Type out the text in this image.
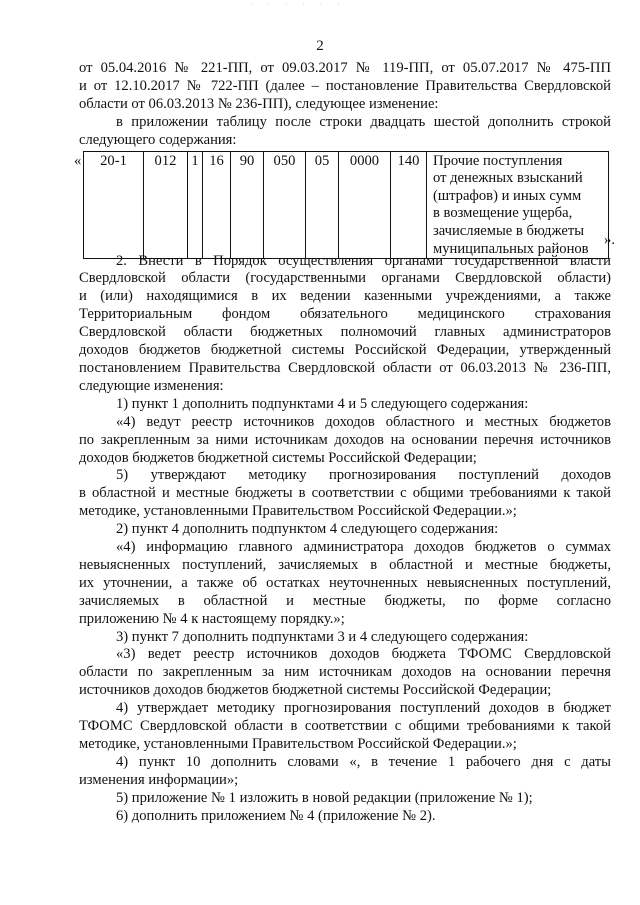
· · · · · ·
2

от 05.04.2016 № 221-ПП, от 09.03.2017 № 119-ПП, от 05.07.2017 № 475-ПП

и от 12.10.2017 № 722-ПП (далее – постановление Правительства Свердловской

области от 06.03.2013 № 236-ПП), следующее изменение:

в приложении таблицу после строки двадцать шестой дополнить строкой

следующего содержания:

« 20-1	012	1	16	90	050	05	0000	140	Прочие поступления
от денежных взысканий
(штрафов) и иных сумм
в возмещение ущерба,
зачисляемые в бюджеты
муниципальных районов
».

2. Внести в Порядок осуществления органами государственной власти

Свердловской области (государственными органами Свердловской области)

и (или) находящимися в их ведении казенными учреждениями, а также

Территориальным фондом обязательного медицинского страхования

Свердловской области бюджетных полномочий главных администраторов

доходов бюджетов бюджетной системы Российской Федерации, утвержденный

постановлением Правительства Свердловской области от 06.03.2013 № 236-ПП,

следующие изменения:

1) пункт 1 дополнить подпунктами 4 и 5 следующего содержания:

«4) ведут реестр источников доходов областного и местных бюджетов

по закрепленным за ними источникам доходов на основании перечня источников

доходов бюджетов бюджетной системы Российской Федерации;

5) утверждают методику прогнозирования поступлений доходов

в областной и местные бюджеты в соответствии с общими требованиями к такой

методике, установленными Правительством Российской Федерации.»;

2) пункт 4 дополнить подпунктом 4 следующего содержания:

«4) информацию главного администратора доходов бюджетов о суммах

невыясненных поступлений, зачисляемых в областной и местные бюджеты,

их уточнении, а также об остатках неуточненных невыясненных поступлений,

зачисляемых в областной и местные бюджеты, по форме согласно

приложению № 4 к настоящему порядку.»;

3) пункт 7 дополнить подпунктами 3 и 4 следующего содержания:

«3) ведет реестр источников доходов бюджета ТФОМС Свердловской

области по закрепленным за ним источникам доходов на основании перечня

источников доходов бюджетов бюджетной системы Российской Федерации;

4) утверждает методику прогнозирования поступлений доходов в бюджет

ТФОМС Свердловской области в соответствии с общими требованиями к такой

методике, установленными Правительством Российской Федерации.»;

4) пункт 10 дополнить словами «, в течение 1 рабочего дня с даты

изменения информации»;

5) приложение № 1 изложить в новой редакции (приложение № 1);

6) дополнить приложением № 4 (приложение № 2).
